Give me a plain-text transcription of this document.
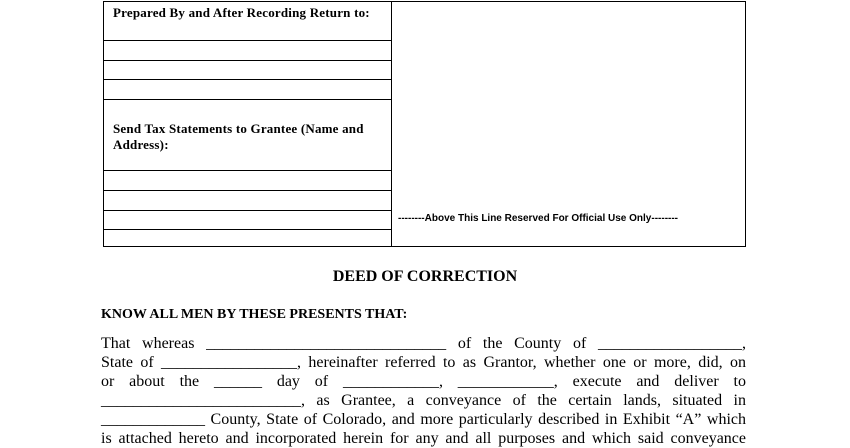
Prepared By and After Recording Return to:
Send Tax Statements to Grantee (Name and Address):
--------Above This Line Reserved For Official Use Only--------
DEED OF CORRECTION
KNOW ALL MEN BY THESE PRESENTS THAT:
That whereas ______________________________ of the County of __________________,
State of _________________, hereinafter referred to as Grantor, whether one or more, did, on
or about the ______ day of ____________, ____________, execute and deliver to
_________________________, as Grantee, a conveyance of the certain lands, situated in
_____________ County, State of Colorado, and more particularly described in Exhibit “A” which
is attached hereto and incorporated herein for any and all purposes and which said conveyance
